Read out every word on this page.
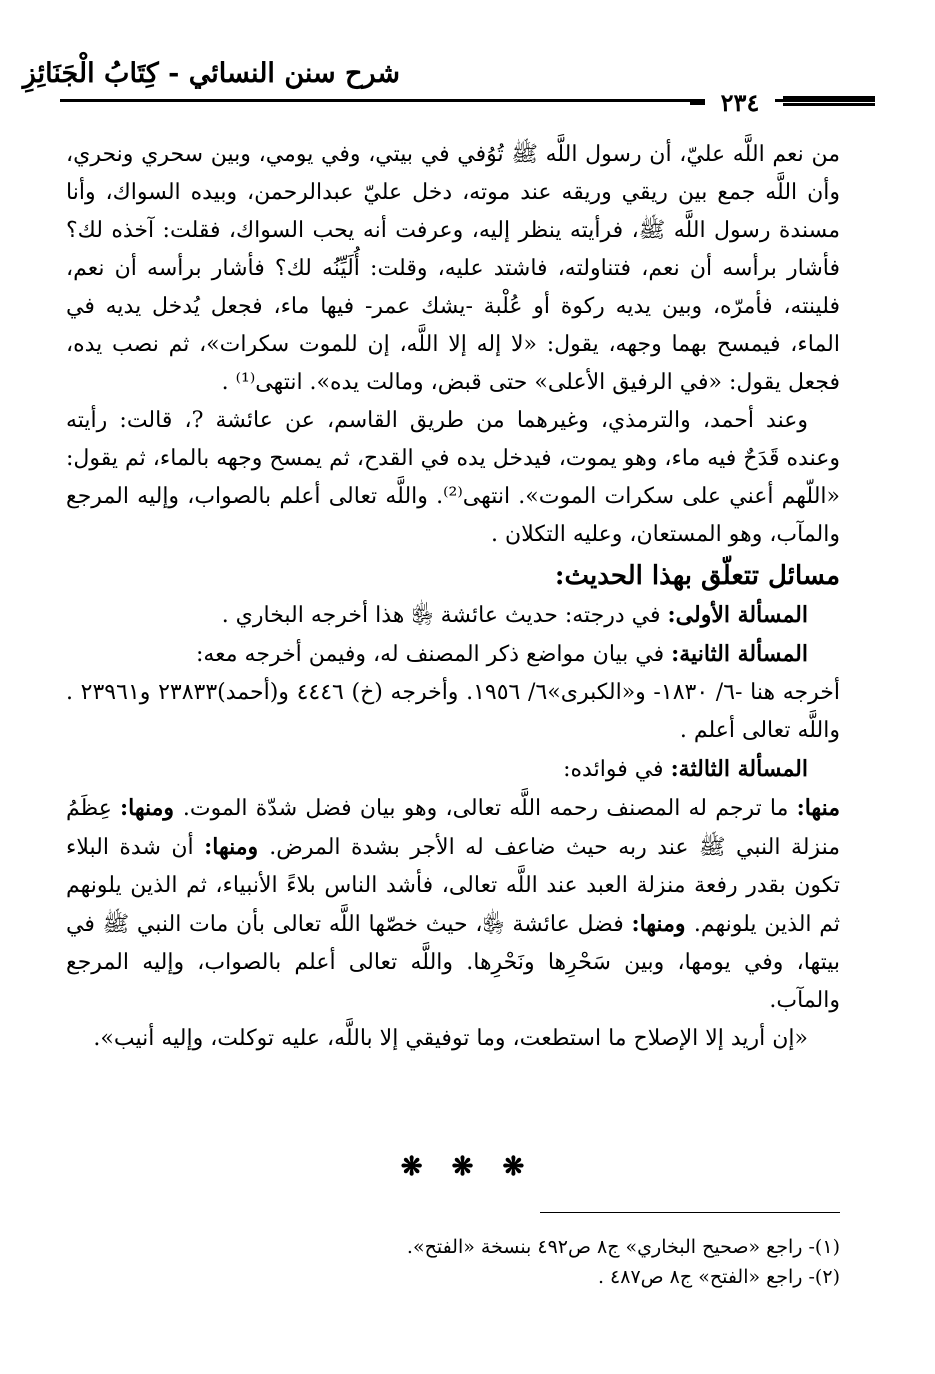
شرح سنن النسائي - كِتَابُ الْجَنَائِزِ
٢٣٤

من نعم اللَّه عليّ، أن رسول اللَّه ﷺ تُوُفي في بيتي، وفي يومي، وبين سحري ونحري، وأن اللَّه جمع بين ريقي وريقه عند موته، دخل عليّ عبدالرحمن، وبيده السواك، وأنا مسندة رسول اللَّه ﷺ، فرأيته ينظر إليه، وعرفت أنه يحب السواك، فقلت: آخذه لك؟ فأشار برأسه أن نعم، فتناولته، فاشتد عليه، وقلت: أُلَيِّنُه لك؟ فأشار برأسه أن نعم، فلينته، فأمرّه، وبين يديه ركوة أو عُلْبة -يشك عمر- فيها ماء، فجعل يُدخل يديه في الماء، فيمسح بهما وجهه، يقول: «لا إله إلا اللَّه، إن للموت سكرات»، ثم نصب يده، فجعل يقول: «في الرفيق الأعلى» حتى قبض، ومالت يده». انتهى⁽¹⁾ .

وعند أحمد، والترمذي، وغيرهما من طريق القاسم، عن عائشة ?، قالت: رأيته وعنده قَدَحٌ فيه ماء، وهو يموت، فيدخل يده في القدح، ثم يمسح وجهه بالماء، ثم يقول: «اللّهم أعني على سكرات الموت». انتهى⁽²⁾. واللَّه تعالى أعلم بالصواب، وإليه المرجع والمآب، وهو المستعان، وعليه التكلان .

مسائل تتعلّق بهذا الحديث:

المسألة الأولى: في درجته: حديث عائشة ﵂ هذا أخرجه البخاري .

المسألة الثانية: في بيان مواضع ذكر المصنف له، وفيمن أخرجه معه:

أخرجه هنا -٦/ ١٨٣٠- و«الكبرى»٦/ ١٩٥٦. وأخرجه (خ) ٤٤٤٦ و(أحمد)٢٣٨٣٣ و٢٣٩٦١ . واللَّه تعالى أعلم .

المسألة الثالثة: في فوائده:

منها: ما ترجم له المصنف رحمه اللَّه تعالى، وهو بيان فضل شدّة الموت. ومنها: عِظَمُ منزلة النبي ﷺ عند ربه حيث ضاعف له الأجر بشدة المرض. ومنها: أن شدة البلاء تكون بقدر رفعة منزلة العبد عند اللَّه تعالى، فأشد الناس بلاءً الأنبياء، ثم الذين يلونهم ثم الذين يلونهم. ومنها: فضل عائشة ﵂، حيث خصّها اللَّه تعالى بأن مات النبي ﷺ في بيتها، وفي يومها، وبين سَحْرِها ونَحْرِها. واللَّه تعالى أعلم بالصواب، وإليه المرجع والمآب.

«إن أريد إلا الإصلاح ما استطعت، وما توفيقي إلا باللَّه، عليه توكلت، وإليه أنيب».

❋ ❋ ❋

(١)- راجع «صحيح البخاري» ج٨ ص٤٩٢ بنسخة «الفتح».

(٢)- راجع «الفتح» ج٨ ص٤٨٧ .
